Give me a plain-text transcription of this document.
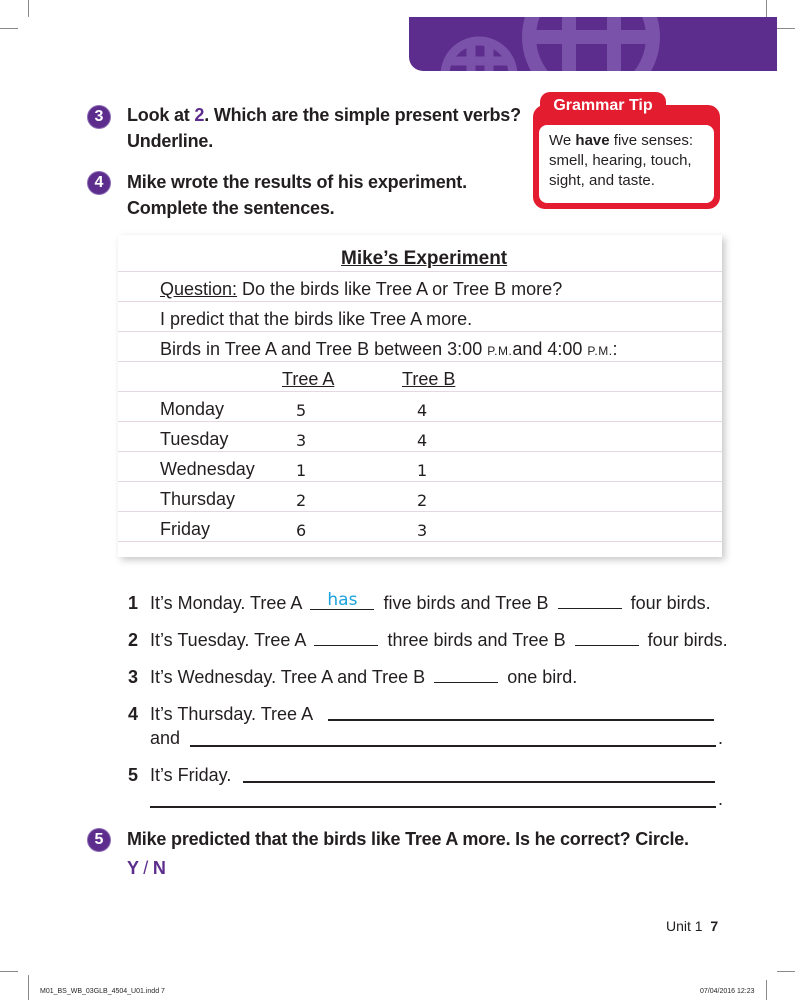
3	Look at 2. Which are the simple present verbs?
Underline.
4	Mike wrote the results of his experiment.
Complete the sentences.
Grammar Tip
We have five senses:
smell, hearing, touch,
sight, and taste.
Mike’s Experiment
Question: Do the birds like Tree A or Tree B more?
I predict that the birds like Tree A more.
Birds in Tree A and Tree B between 3:00 P.M.and 4:00 P.M.:
Tree A	Tree B
Monday	5	4
Tuesday	3	4
Wednesday	1	1
Thursday	2	2
Friday	6	3
1 It’s Monday. Tree A has five birds and Tree B	four birds.
2 It’s Tuesday. Tree A	three birds and Tree B	four birds.
3 It’s Wednesday. Tree A and Tree B	one bird.
4 It’s Thursday. Tree A
and	.
5 It’s Friday.
.
5	Mike predicted that the birds like Tree A more. Is he correct? Circle.
Y / N
Unit 1 7
M01_BS_WB_03GLB_4504_U01.indd 7	07/04/2016 12:23
